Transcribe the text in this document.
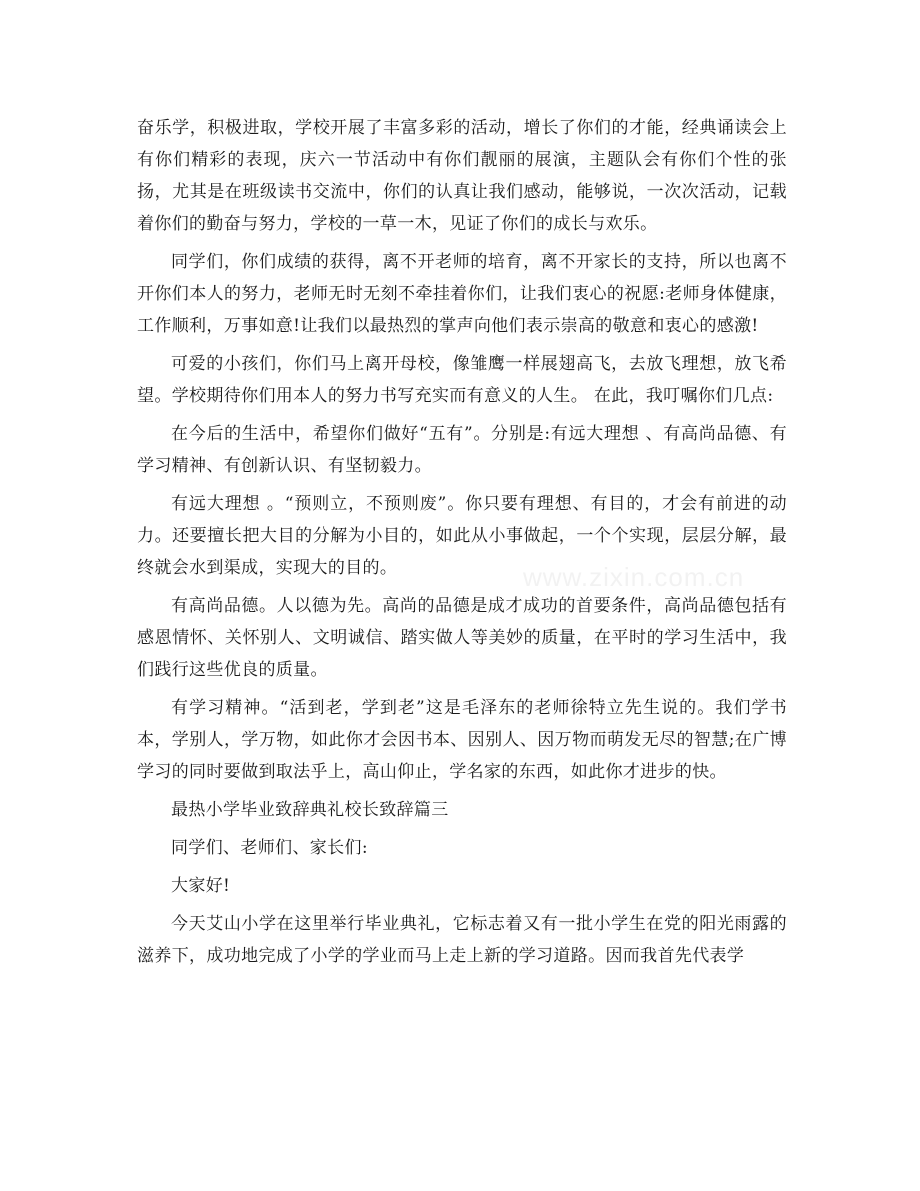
www.zixin.com.cn

奋乐学，积极进取，学校开展了丰富多彩的活动，增长了你们的才能，经典诵读会上有你们精彩的表现，庆六一节活动中有你们靓丽的展演，主题队会有你们个性的张扬，尤其是在班级读书交流中，你们的认真让我们感动，能够说，一次次活动，记载着你们的勤奋与努力，学校的一草一木，见证了你们的成长与欢乐。

同学们，你们成绩的获得，离不开老师的培育，离不开家长的支持，所以也离不开你们本人的努力，老师无时无刻不牵挂着你们，让我们衷心的祝愿:老师身体健康，工作顺利，万事如意!让我们以最热烈的掌声向他们表示崇高的敬意和衷心的感激!

可爱的小孩们，你们马上离开母校，像雏鹰一样展翅高飞，去放飞理想，放飞希望。学校期待你们用本人的努力书写充实而有意义的人生。 在此，我叮嘱你们几点:

在今后的生活中，希望你们做好“五有”。分别是:有远大理想 、有高尚品德、有学习精神、有创新认识、有坚韧毅力。

有远大理想 。“预则立，不预则废”。你只要有理想、有目的，才会有前进的动力。还要擅长把大目的分解为小目的，如此从小事做起，一个个实现，层层分解，最终就会水到渠成，实现大的目的。

有高尚品德。人以德为先。高尚的品德是成才成功的首要条件，高尚品德包括有感恩情怀、关怀别人、文明诚信、踏实做人等美妙的质量，在平时的学习生活中，我们践行这些优良的质量。

有学习精神。“活到老，学到老”这是毛泽东的老师徐特立先生说的。我们学书本，学别人，学万物，如此你才会因书本、因别人、因万物而萌发无尽的智慧;在广博学习的同时要做到取法乎上，高山仰止，学名家的东西，如此你才进步的快。

最热小学毕业致辞典礼校长致辞篇三

同学们、老师们、家长们:

大家好!

今天艾山小学在这里举行毕业典礼，它标志着又有一批小学生在党的阳光雨露的滋养下，成功地完成了小学的学业而马上走上新的学习道路。因而我首先代表学
